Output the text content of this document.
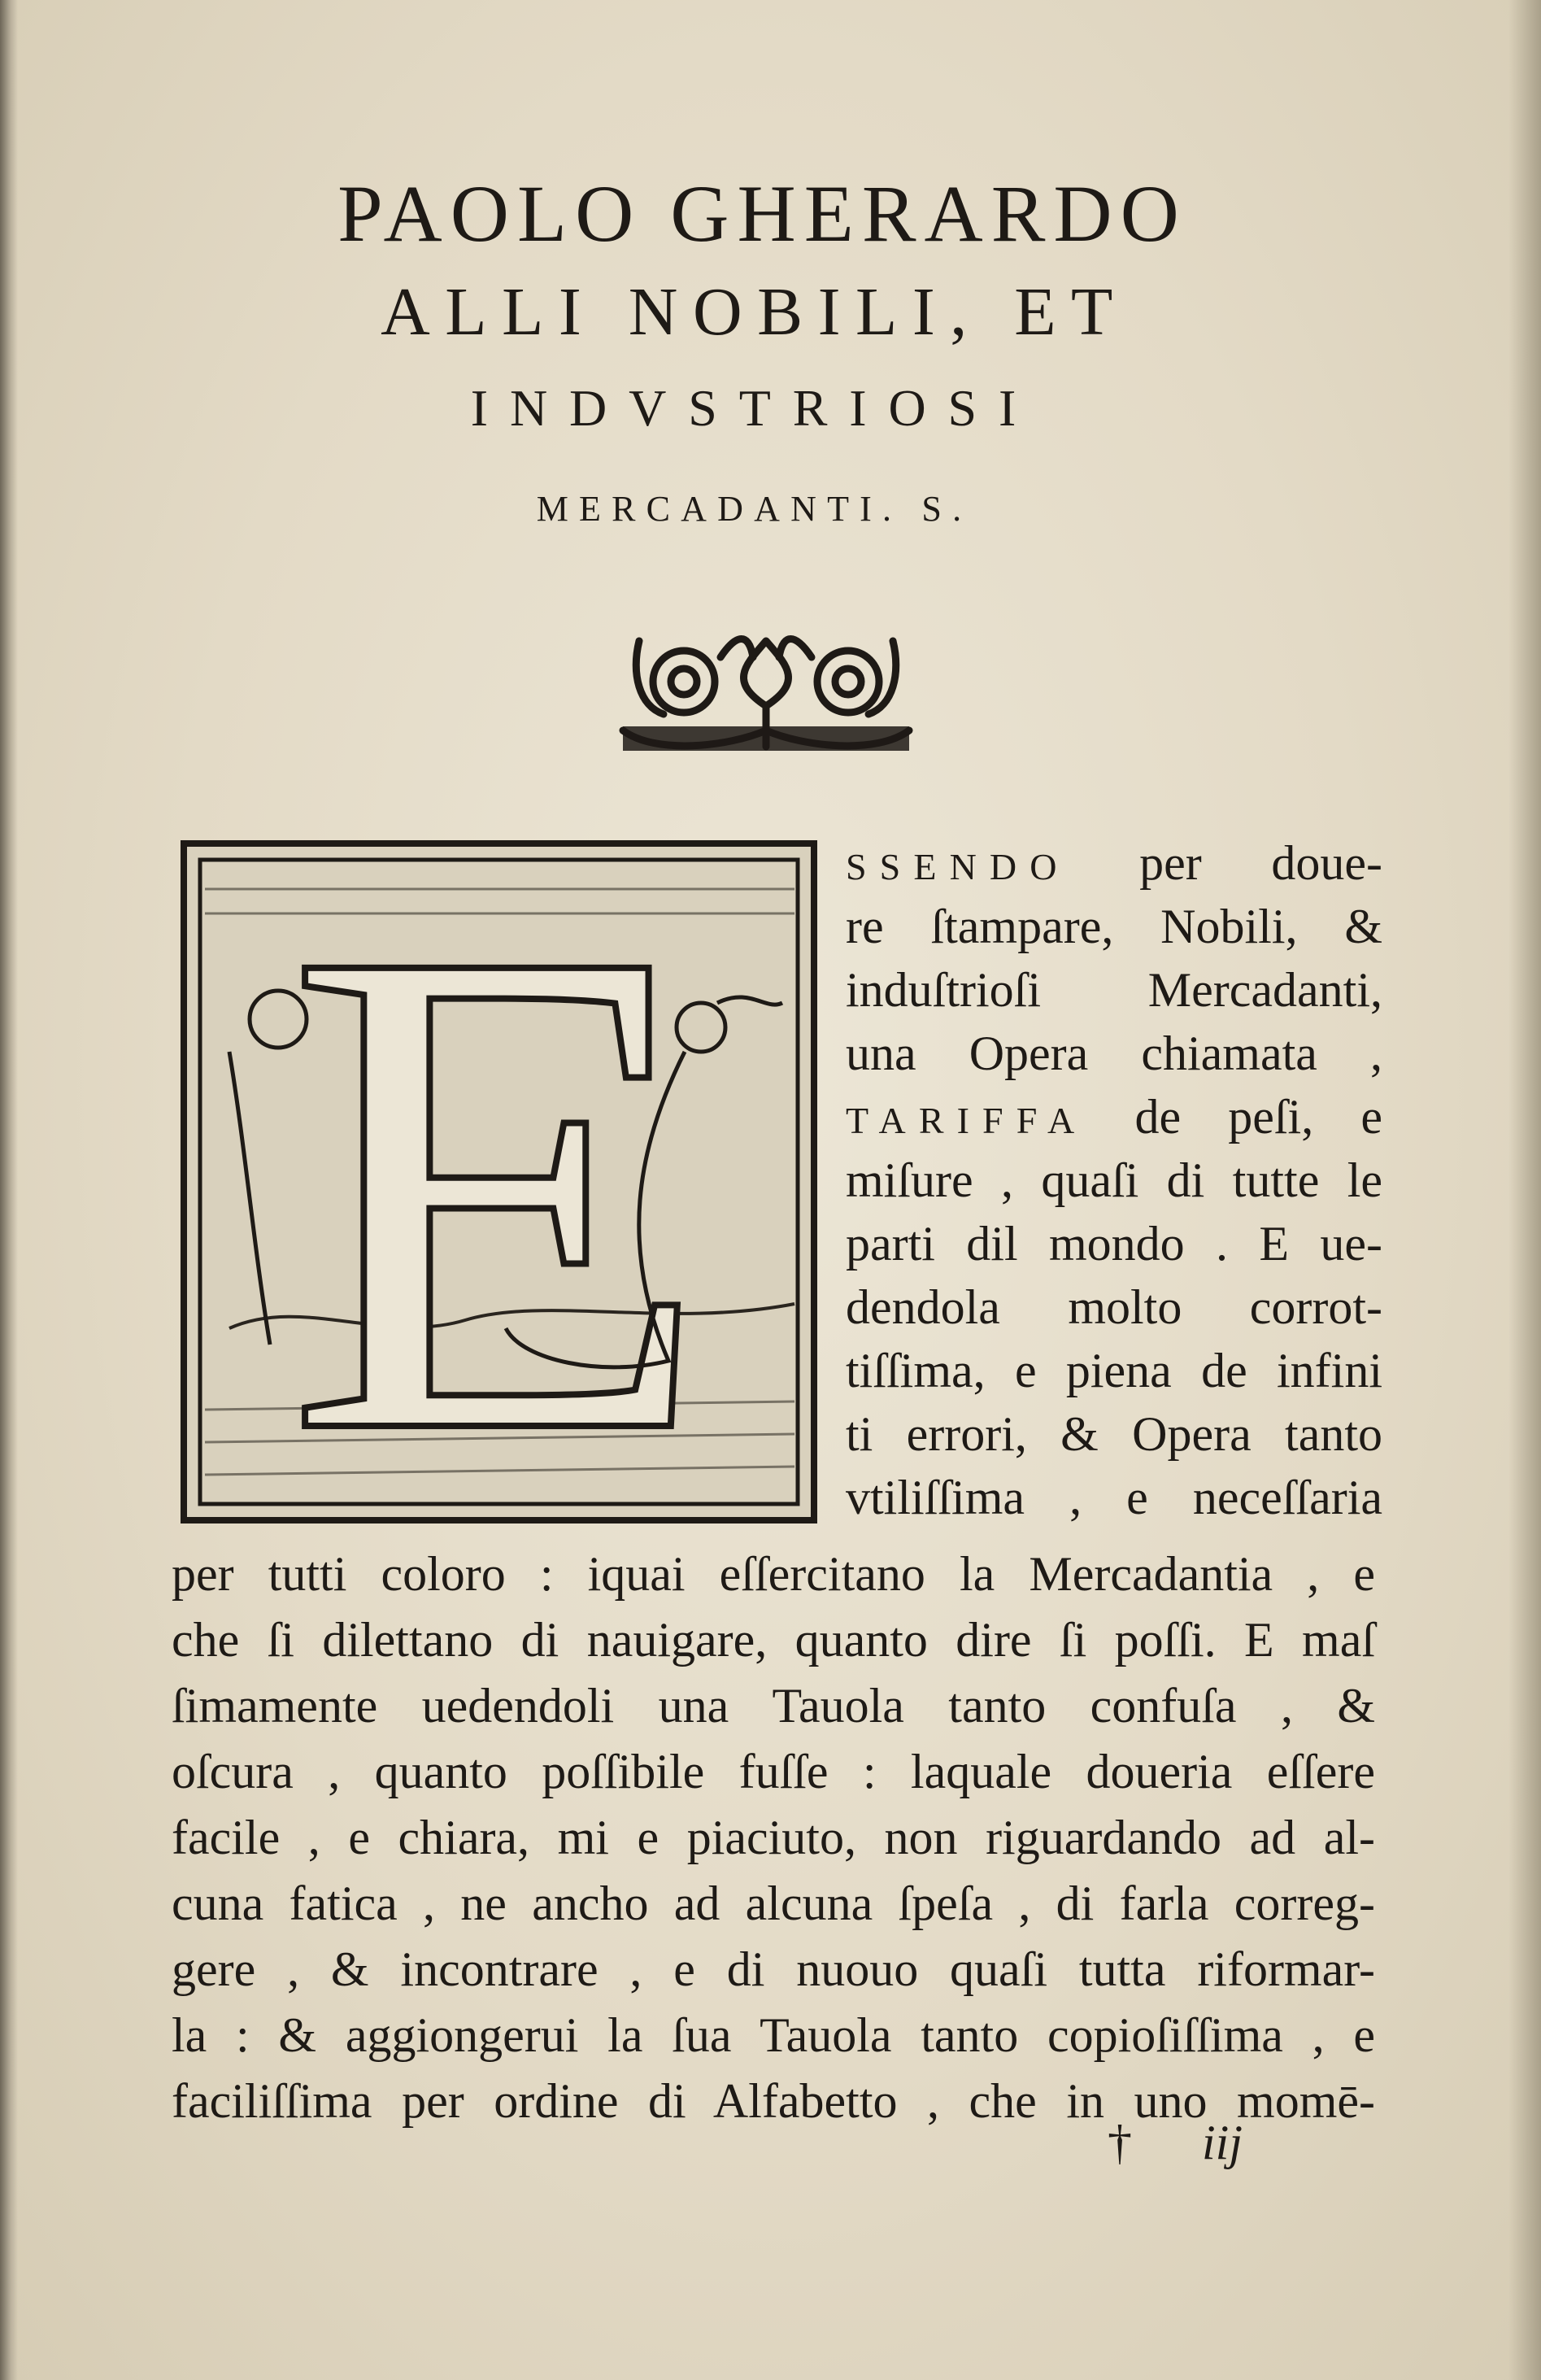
PAOLO GHERARDO
ALLI NOBILI, ET
INDVSTRIOSI
MERCADANTI. S.
E	SSENDO per doue-
re ſtampare, Nobili, &
induſtrioſi Mercadanti,
una Opera chiamata ,
TARIFFA de peſi, e
miſure , quaſi di tutte le
parti dil mondo . E ue-
dendola molto corrot-
tiſſima, e piena de infini
ti errori, & Opera tanto
vtiliſſima , e neceſſaria
per tutti coloro : iquai eſſercitano la Mercadantia , e
che ſi dilettano di nauigare, quanto dire ſi poſſi. E maſ
ſimamente uedendoli una Tauola tanto confuſa , &
oſcura , quanto poſſibile fuſſe : laquale doueria eſſere
facile , e chiara, mi e piaciuto, non riguardando ad al-
cuna fatica , ne ancho ad alcuna ſpeſa , di farla correg-
gere , & incontrare , e di nuouo quaſi tutta riformar-
la : & aggiongerui la ſua Tauola tanto copioſiſſima , e
faciliſſima per ordine di Alfabetto , che in uno momē-
† iij
